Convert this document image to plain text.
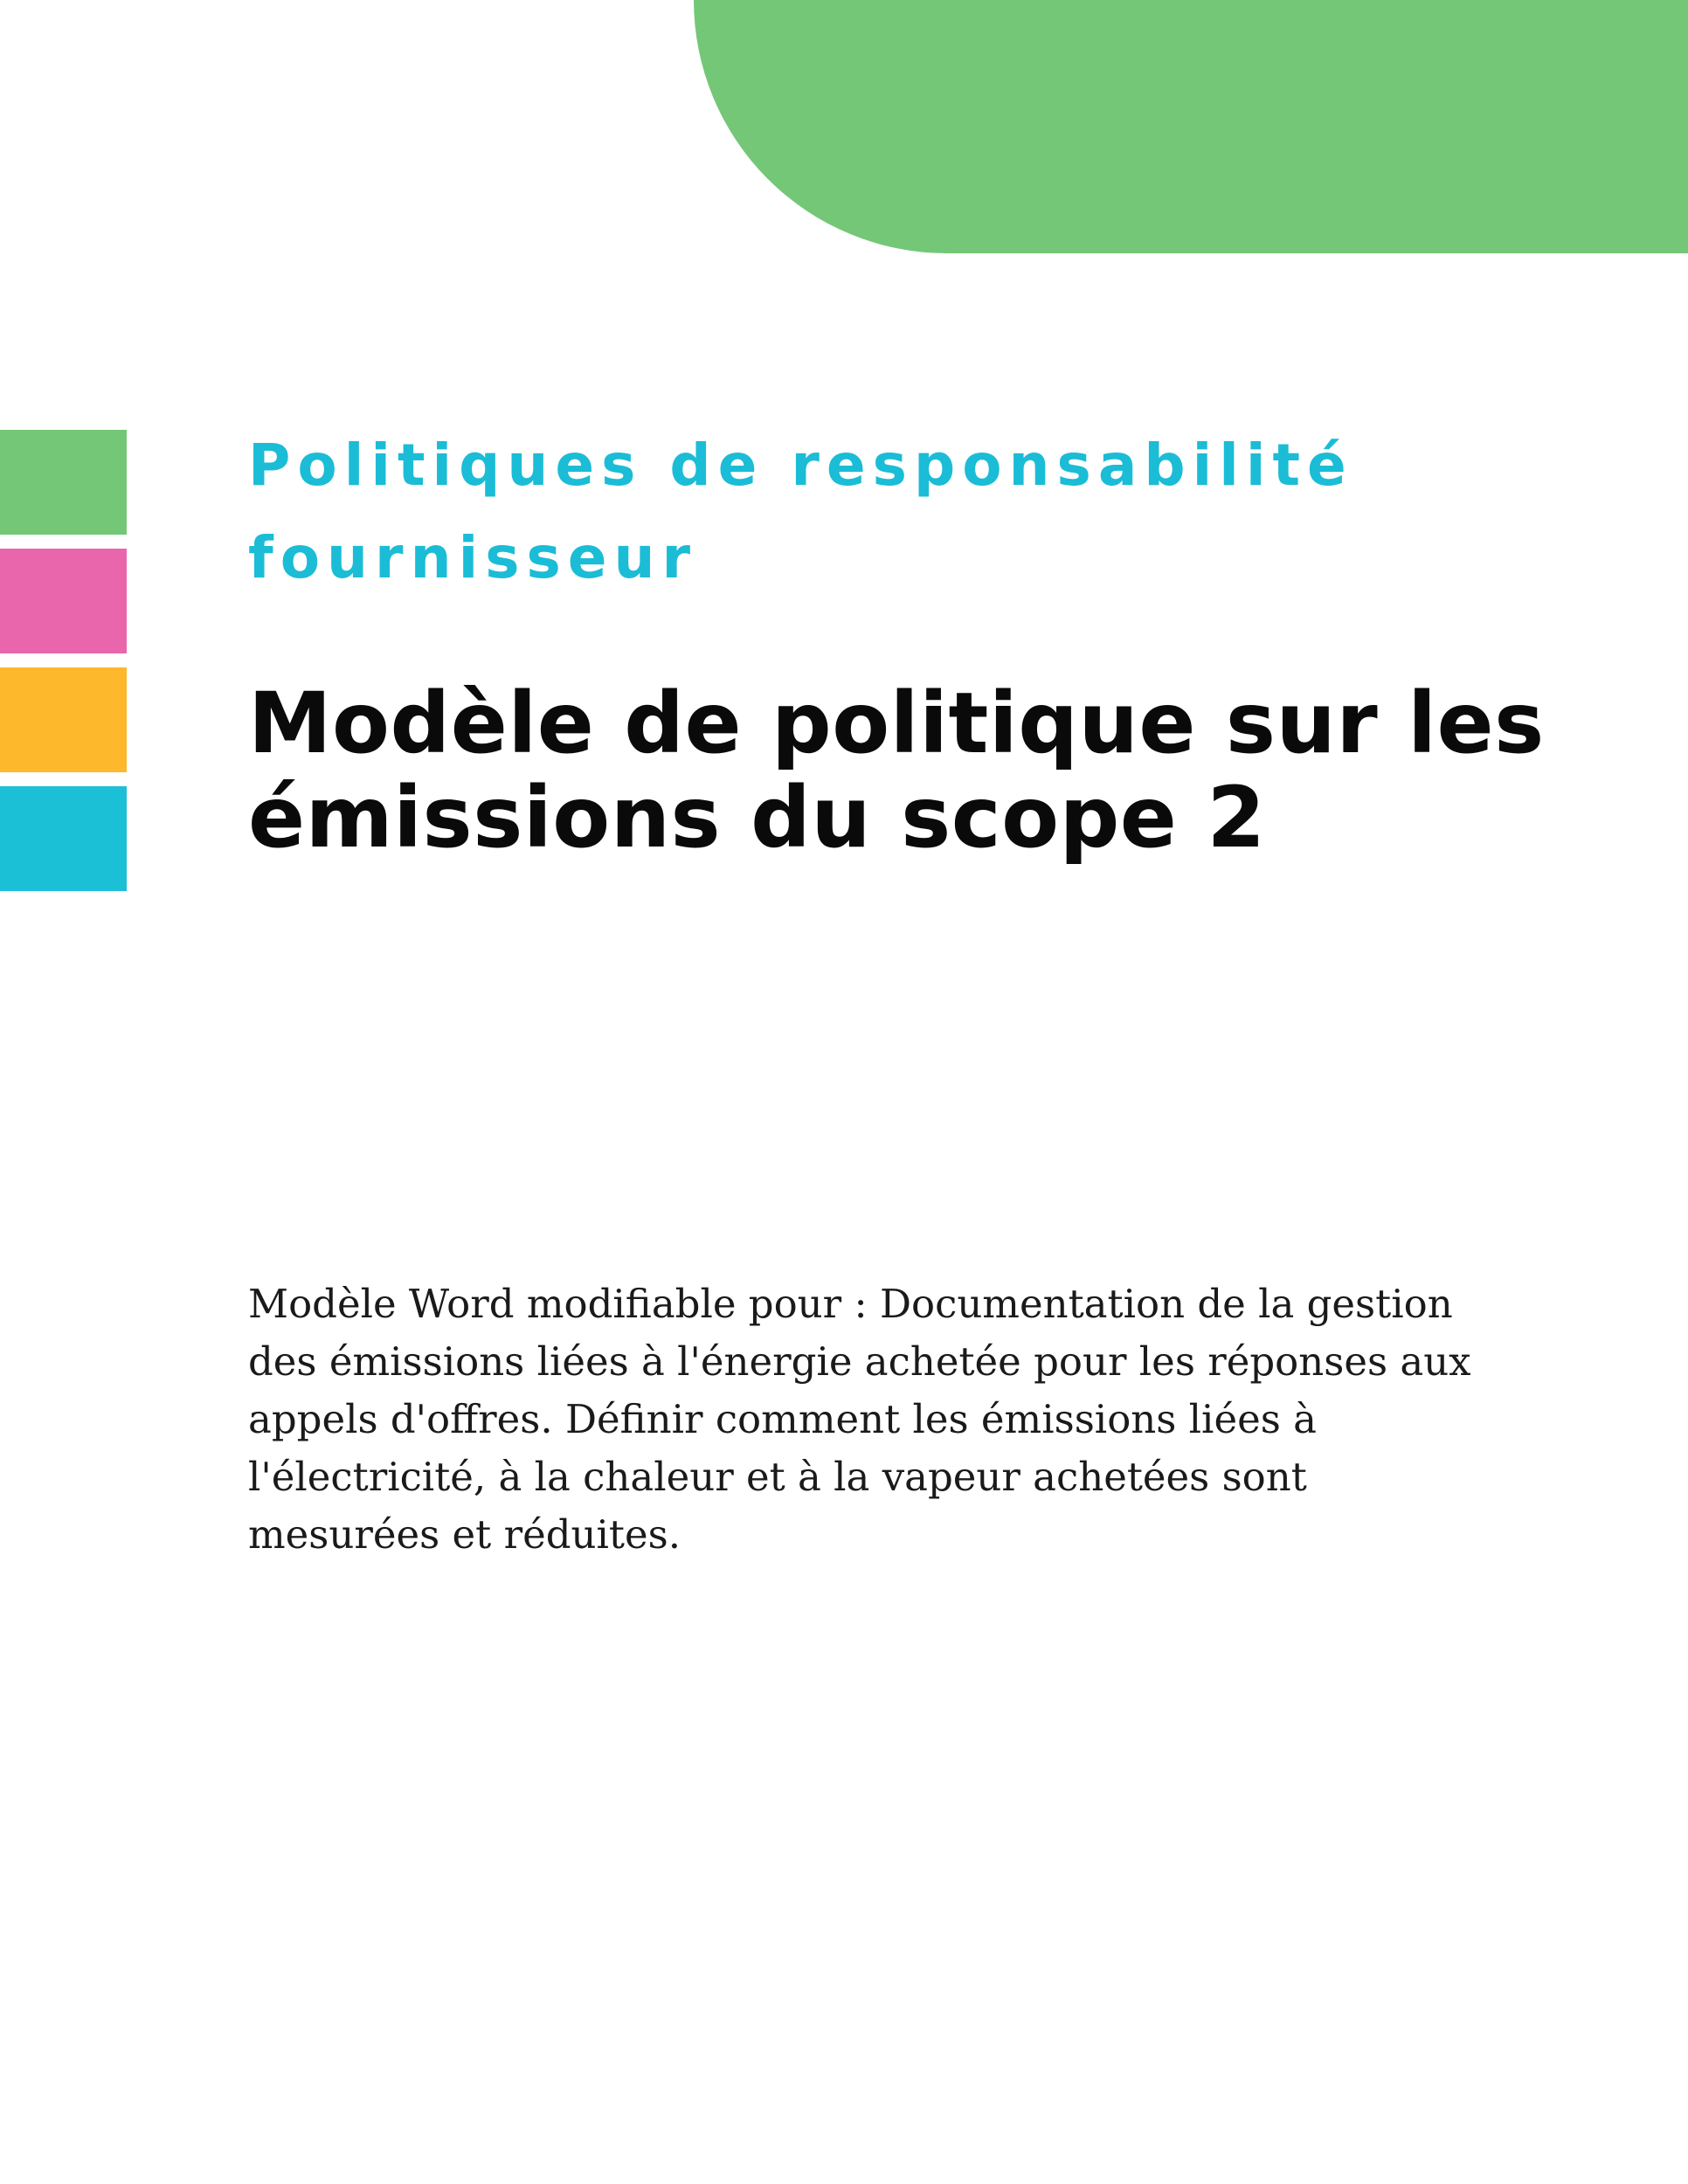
Politiques de responsabilité fournisseur
Modèle de politique sur les émissions du scope 2

Modèle Word modifiable pour : Documentation de la gestion des émissions liées à l'énergie achetée pour les réponses aux appels d'offres. Définir comment les émissions liées à l'électricité, à la chaleur et à la vapeur achetées sont mesurées et réduites.
